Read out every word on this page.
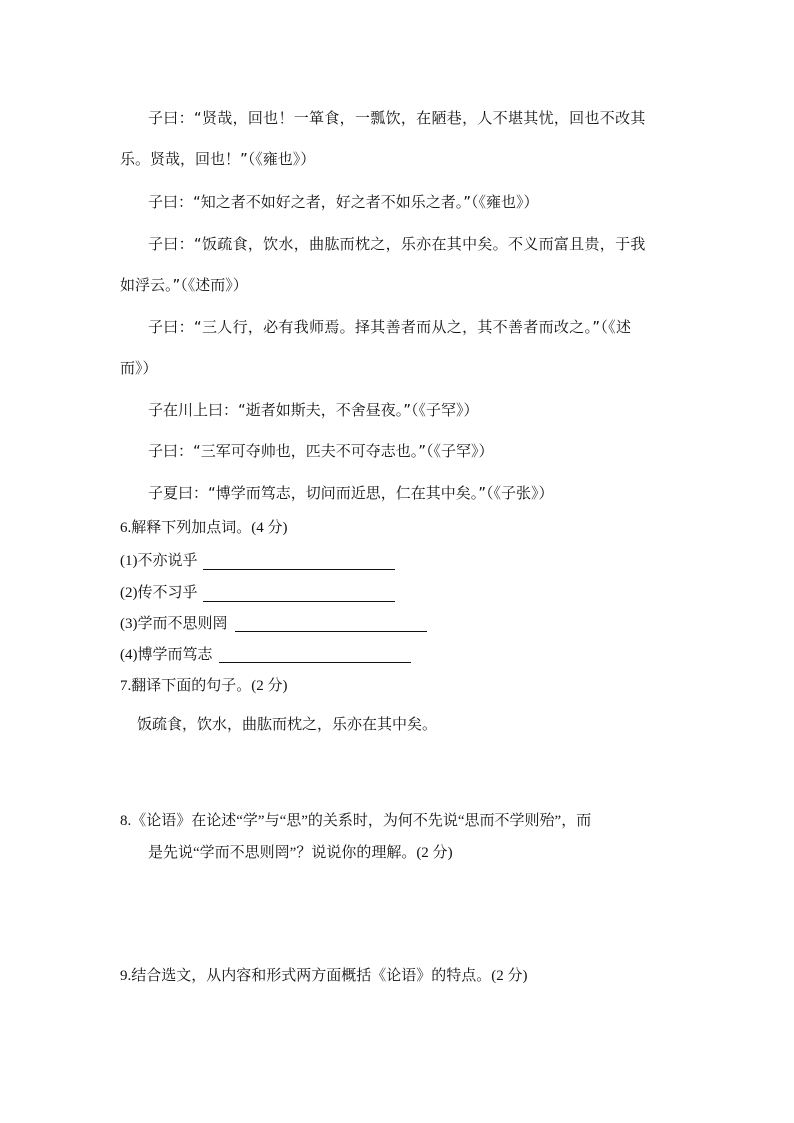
子曰：“贤哉，回也！一箪食，一瓢饮，在陋巷，人不堪其忧，回也不改其
乐。贤哉，回也！”（《雍也》）
子曰：“知之者不如好之者，好之者不如乐之者。”（《雍也》）
子曰：“饭疏食，饮水，曲肱而枕之，乐亦在其中矣。不义而富且贵，于我
如浮云。”（《述而》）
子曰：“三人行，必有我师焉。择其善者而从之，其不善者而改之。”（《述
而》）
子在川上曰：“逝者如斯夫，不舍昼夜。”（《子罕》）
子曰：“三军可夺帅也，匹夫不可夺志也。”（《子罕》）
子夏曰：“博学而笃志，切问而近思，仁在其中矣。”（《子张》）
6.解释下列加点词。(4 分)
(1)不亦说乎
(2)传不习乎
(3)学而不思则罔
(4)博学而笃志
7.翻译下面的句子。(2 分)
饭疏食，饮水，曲肱而枕之，乐亦在其中矣。
8.《论语》在论述“学”与“思”的关系时，为何不先说“思而不学则殆”，而
是先说“学而不思则罔”？说说你的理解。(2 分)
9.结合选文，从内容和形式两方面概括《论语》的特点。(2 分)
